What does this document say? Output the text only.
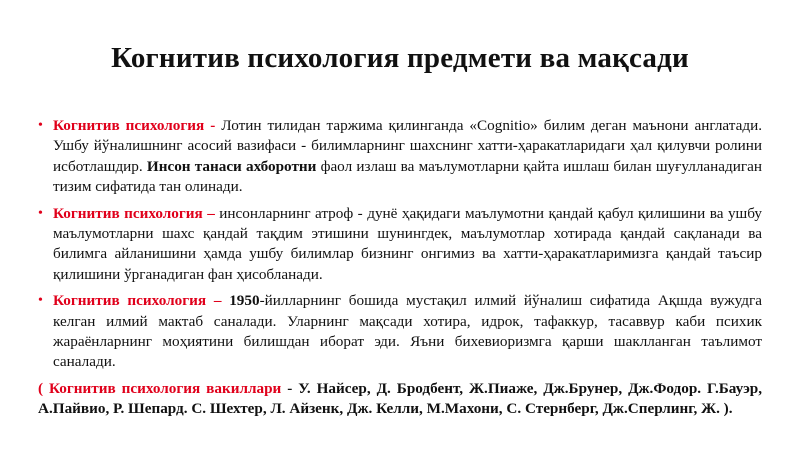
Когнитив психология предмети ва мақсади
• Когнитив психология - Лотин тилидан таржима қилинганда «Cognitio» билим деган маънони англатади. Ушбу йўналишнинг асосий вазифаси - билимларнинг шахснинг хатти-ҳаракатларидаги ҳал қилувчи ролини исботлашдир. Инсон танаси ахборотни фаол излаш ва маълумотларни қайта ишлаш билан шуғулланадиган тизим сифатида тан олинади.
• Когнитив психология – инсонларнинг атроф - дунё ҳақидаги маълумотни қандай қабул қилишини ва ушбу маълумотларни шахс қандай тақдим этишини шунингдек, маълумотлар хотирада қандай сақланади ва билимга айланишини ҳамда ушбу билимлар бизнинг онгимиз ва хатти-ҳаракатларимизга қандай таъсир қилишини ўрганадиган фан ҳисобланади.
• Когнитив психология – 1950-йилларнинг бошида мустақил илмий йўналиш сифатида Ақшда вужудга келган илмий мактаб саналади. Уларнинг мақсади хотира, идрок, тафаккур, тасаввур каби психик жараёнларнинг моҳиятини билишдан иборат эди. Яъни бихевиоризмга қарши шаклланган таълимот саналади.
( Когнитив психология вакиллари - У. Найсер, Д. Бродбент, Ж.Пиаже, Дж.Брунер, Дж.Фодор. Г.Бауэр, А.Пайвио, Р. Шепард. С. Шехтер, Л. Айзенк, Дж. Келли, М.Махони, С. Стернберг, Дж.Сперлинг, Ж. ).
